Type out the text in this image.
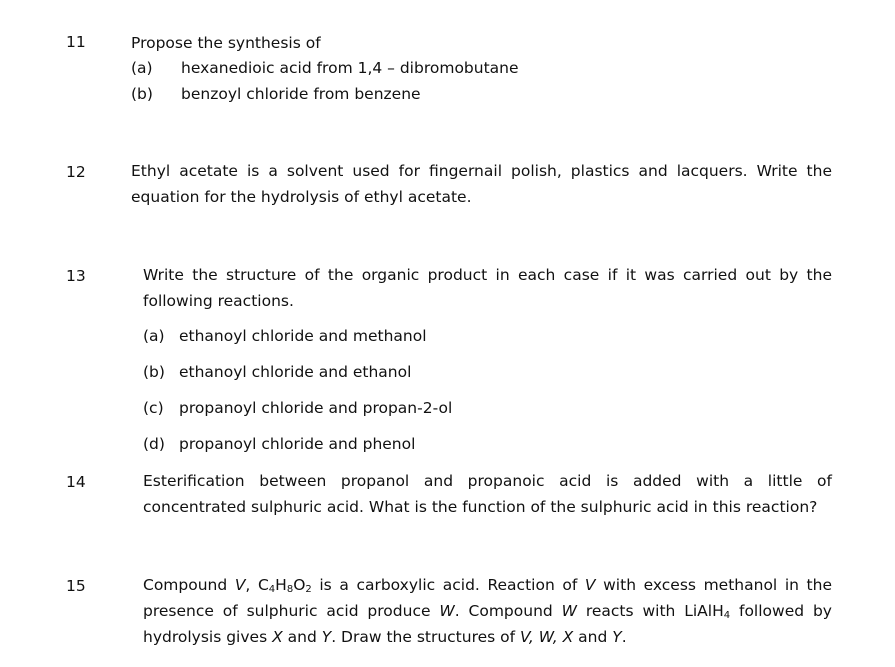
11	Propose the synthesis of
(a) hexanedioic acid from 1,4 – dibromobutane
(b) benzoyl chloride from benzene
12	Ethyl acetate is a solvent used for fingernail polish, plastics and lacquers. Write the equation for the hydrolysis of ethyl acetate.
13	Write the structure of the organic product in each case if it was carried out by the following reactions.
(a) ethanoyl chloride and methanol
(b) ethanoyl chloride and ethanol
(c) propanoyl chloride and propan-2-ol
(d) propanoyl chloride and phenol
14	Esterification between propanol and propanoic acid is added with a little of concentrated sulphuric acid. What is the function of the sulphuric acid in this reaction?
15	Compound V, $C_4H_8O_2$ is a carboxylic acid. Reaction of V with excess methanol in the presence of sulphuric acid produce W. Compound W reacts with LiAlH$_4$ followed by hydrolysis gives X and Y. Draw the structures of V, W, X and Y.
